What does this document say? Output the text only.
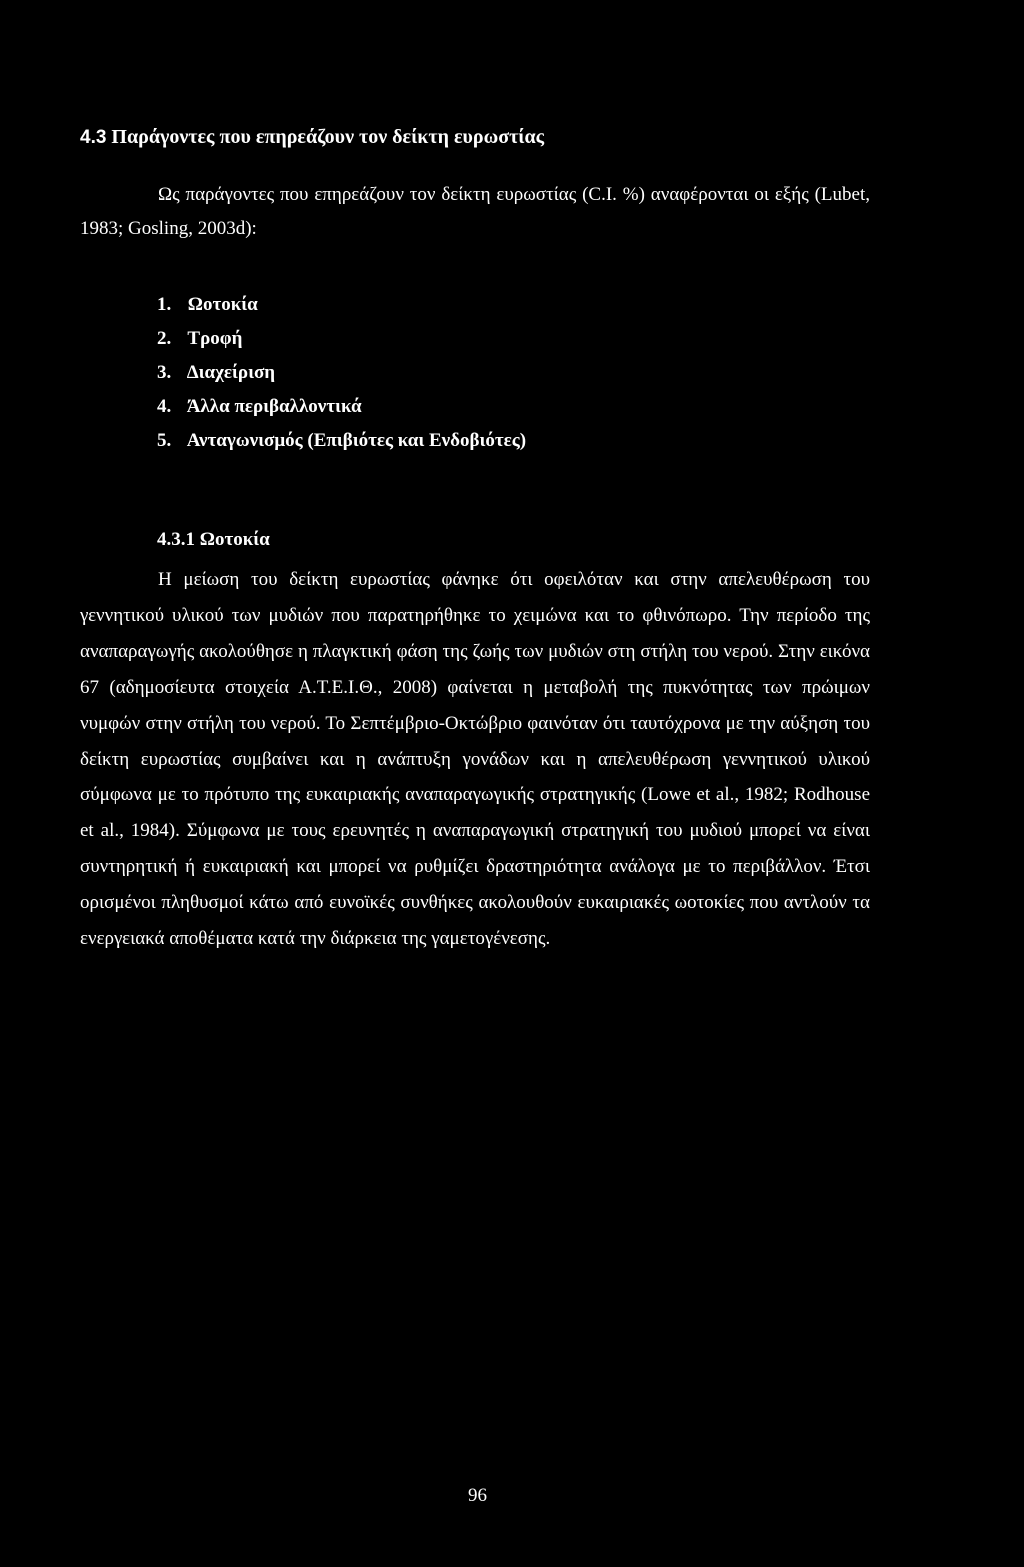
4.3 Παράγοντες που επηρεάζουν τον δείκτη ευρωστίας

Ως παράγοντες που επηρεάζουν τον δείκτη ευρωστίας (C.I. %) αναφέρονται οι εξής (Lubet, 1983; Gosling, 2003d):

1. Ωοτοκία
2. Τροφή
3. Διαχείριση
4. Άλλα περιβαλλοντικά
5. Ανταγωνισμός (Επιβιότες και Ενδοβιότες)
4.3.1 Ωοτοκία

Η μείωση του δείκτη ευρωστίας φάνηκε ότι οφειλόταν και στην απελευθέρωση του γεννητικού υλικού των μυδιών που παρατηρήθηκε το χειμώνα και το φθινόπωρο. Την περίοδο της αναπαραγωγής ακολούθησε η πλαγκτική φάση της ζωής των μυδιών στη στήλη του νερού. Στην εικόνα 67 (αδημοσίευτα στοιχεία Α.Τ.Ε.Ι.Θ., 2008) φαίνεται η μεταβολή της πυκνότητας των πρώιμων νυμφών στην στήλη του νερού. Το Σεπτέμβριο-Οκτώβριο φαινόταν ότι ταυτόχρονα με την αύξηση του δείκτη ευρωστίας συμβαίνει και η ανάπτυξη γονάδων και η απελευθέρωση γεννητικού υλικού σύμφωνα με το πρότυπο της ευκαιριακής αναπαραγωγικής στρατηγικής (Lowe et al., 1982; Rodhouse et al., 1984). Σύμφωνα με τους ερευνητές η αναπαραγωγική στρατηγική του μυδιού μπορεί να είναι συντηρητική ή ευκαιριακή και μπορεί να ρυθμίζει δραστηριότητα ανάλογα με το περιβάλλον. Έτσι ορισμένοι πληθυσμοί κάτω από ευνοϊκές συνθήκες ακολουθούν ευκαιριακές ωοτοκίες που αντλούν τα ενεργειακά αποθέματα κατά την διάρκεια της γαμετογένεσης.

96
